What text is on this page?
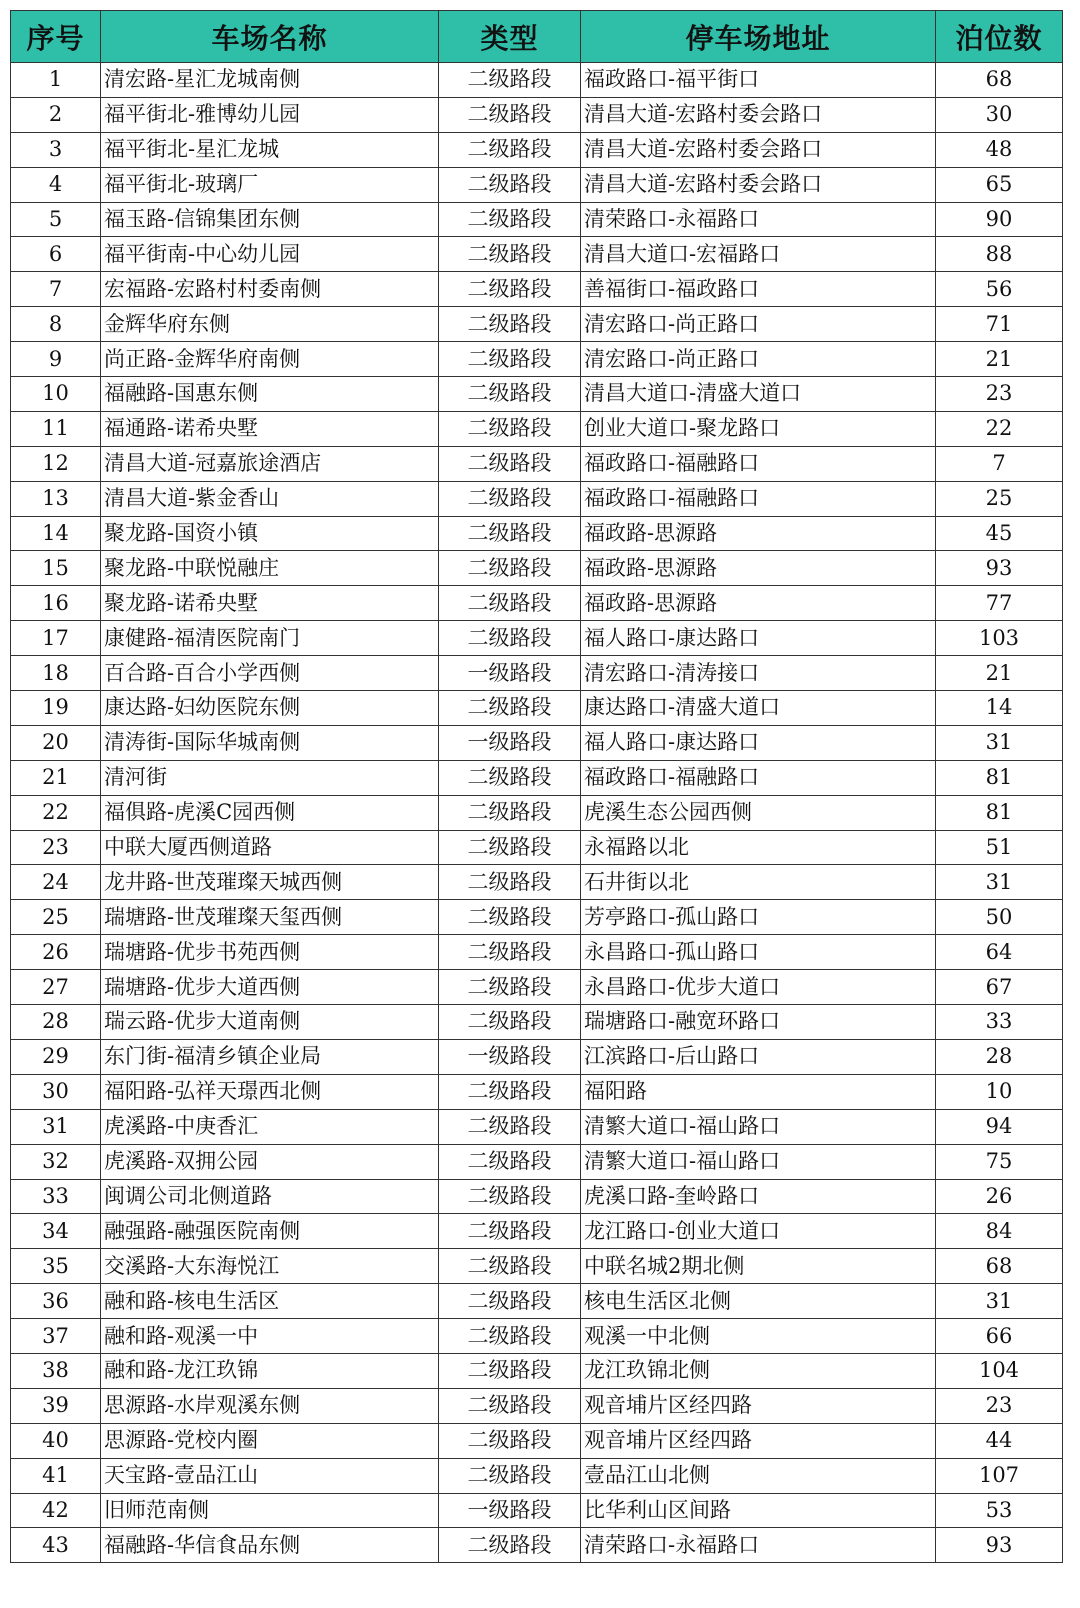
序号	车场名称	类型	停车场地址	泊位数
1	清宏路-星汇龙城南侧	二级路段	福政路口-福平街口	68
2	福平街北-雅博幼儿园	二级路段	清昌大道-宏路村委会路口	30
3	福平街北-星汇龙城	二级路段	清昌大道-宏路村委会路口	48
4	福平街北-玻璃厂	二级路段	清昌大道-宏路村委会路口	65
5	福玉路-信锦集团东侧	二级路段	清荣路口-永福路口	90
6	福平街南-中心幼儿园	二级路段	清昌大道口-宏福路口	88
7	宏福路-宏路村村委南侧	二级路段	善福街口-福政路口	56
8	金辉华府东侧	二级路段	清宏路口-尚正路口	71
9	尚正路-金辉华府南侧	二级路段	清宏路口-尚正路口	21
10	福融路-国惠东侧	二级路段	清昌大道口-清盛大道口	23
11	福通路-诺希央墅	二级路段	创业大道口-聚龙路口	22
12	清昌大道-冠嘉旅途酒店	二级路段	福政路口-福融路口	7
13	清昌大道-紫金香山	二级路段	福政路口-福融路口	25
14	聚龙路-国资小镇	二级路段	福政路-思源路	45
15	聚龙路-中联悦融庄	二级路段	福政路-思源路	93
16	聚龙路-诺希央墅	二级路段	福政路-思源路	77
17	康健路-福清医院南门	二级路段	福人路口-康达路口	103
18	百合路-百合小学西侧	一级路段	清宏路口-清涛接口	21
19	康达路-妇幼医院东侧	二级路段	康达路口-清盛大道口	14
20	清涛街-国际华城南侧	一级路段	福人路口-康达路口	31
21	清河街	二级路段	福政路口-福融路口	81
22	福俱路-虎溪C园西侧	二级路段	虎溪生态公园西侧	81
23	中联大厦西侧道路	二级路段	永福路以北	51
24	龙井路-世茂璀璨天城西侧	二级路段	石井街以北	31
25	瑞塘路-世茂璀璨天玺西侧	二级路段	芳亭路口-孤山路口	50
26	瑞塘路-优步书苑西侧	二级路段	永昌路口-孤山路口	64
27	瑞塘路-优步大道西侧	二级路段	永昌路口-优步大道口	67
28	瑞云路-优步大道南侧	二级路段	瑞塘路口-融宽环路口	33
29	东门街-福清乡镇企业局	一级路段	江滨路口-后山路口	28
30	福阳路-弘祥天璟西北侧	二级路段	福阳路	10
31	虎溪路-中庚香汇	二级路段	清繁大道口-福山路口	94
32	虎溪路-双拥公园	二级路段	清繁大道口-福山路口	75
33	闽调公司北侧道路	二级路段	虎溪口路-奎岭路口	26
34	融强路-融强医院南侧	二级路段	龙江路口-创业大道口	84
35	交溪路-大东海悦江	二级路段	中联名城2期北侧	68
36	融和路-核电生活区	二级路段	核电生活区北侧	31
37	融和路-观溪一中	二级路段	观溪一中北侧	66
38	融和路-龙江玖锦	二级路段	龙江玖锦北侧	104
39	思源路-水岸观溪东侧	二级路段	观音埔片区经四路	23
40	思源路-党校内圈	二级路段	观音埔片区经四路	44
41	天宝路-壹品江山	二级路段	壹品江山北侧	107
42	旧师范南侧	一级路段	比华利山区间路	53
43	福融路-华信食品东侧	二级路段	清荣路口-永福路口	93
